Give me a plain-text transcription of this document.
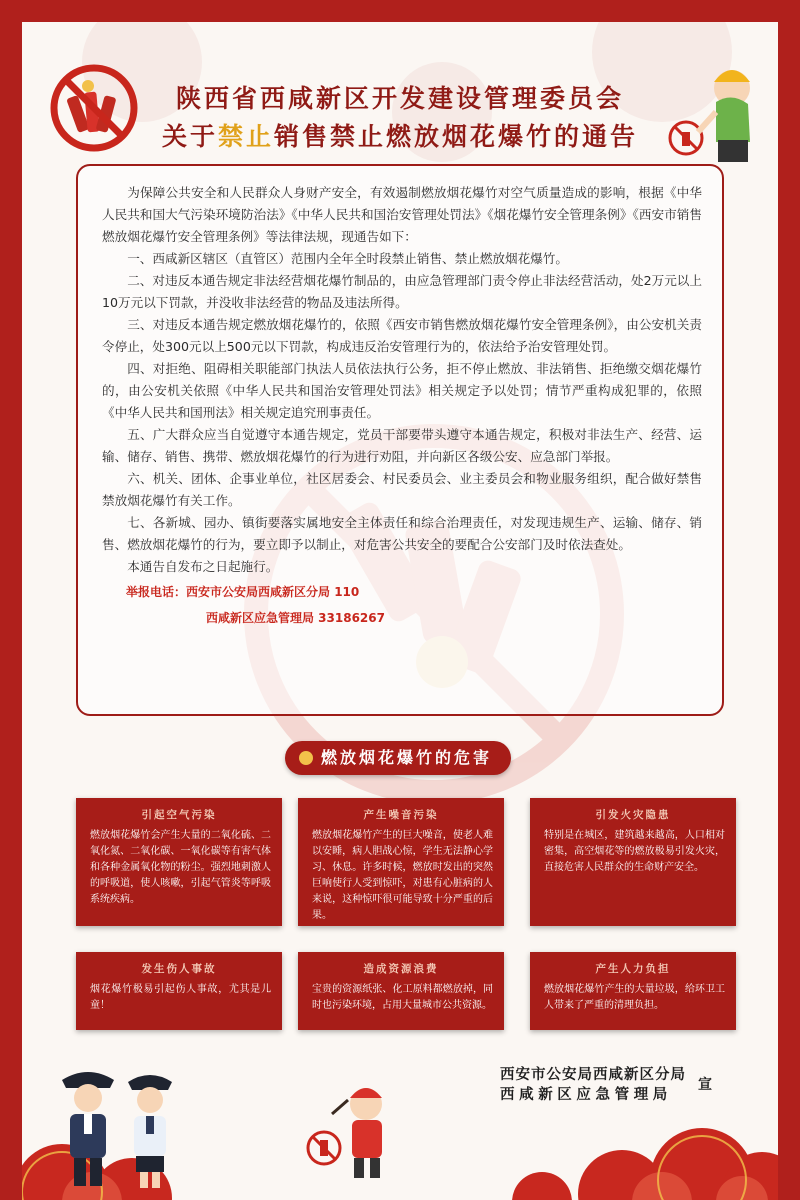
陕西省西咸新区开发建设管理委员会
关于禁止销售禁止燃放烟花爆竹的通告

为保障公共安全和人民群众人身财产安全，有效遏制燃放烟花爆竹对空气质量造成的影响，根据《中华人民共和国大气污染环境防治法》《中华人民共和国治安管理处罚法》《烟花爆竹安全管理条例》《西安市销售燃放烟花爆竹安全管理条例》等法律法规，现通告如下：

一、西咸新区辖区（直管区）范围内全年全时段禁止销售、禁止燃放烟花爆竹。

二、对违反本通告规定非法经营烟花爆竹制品的，由应急管理部门责令停止非法经营活动，处2万元以上10万元以下罚款，并没收非法经营的物品及违法所得。

三、对违反本通告规定燃放烟花爆竹的，依照《西安市销售燃放烟花爆竹安全管理条例》，由公安机关责令停止，处300元以上500元以下罚款，构成违反治安管理行为的，依法给予治安管理处罚。

四、对拒绝、阻碍相关职能部门执法人员依法执行公务，拒不停止燃放、非法销售、拒绝缴交烟花爆竹的，由公安机关依照《中华人民共和国治安管理处罚法》相关规定予以处罚；情节严重构成犯罪的，依照《中华人民共和国刑法》相关规定追究刑事责任。

五、广大群众应当自觉遵守本通告规定，党员干部要带头遵守本通告规定，积极对非法生产、经营、运输、储存、销售、携带、燃放烟花爆竹的行为进行劝阻，并向新区各级公安、应急部门举报。

六、机关、团体、企事业单位，社区居委会、村民委员会、业主委员会和物业服务组织，配合做好禁售禁放烟花爆竹有关工作。

七、各新城、园办、镇街要落实属地安全主体责任和综合治理责任，对发现违规生产、运输、储存、销售、燃放烟花爆竹的行为，要立即予以制止，对危害公共安全的要配合公安部门及时依法查处。

本通告自发布之日起施行。

举报电话：西安市公安局西咸新区分局 110
西咸新区应急管理局 33186267
燃放烟花爆竹的危害
引起空气污染

燃放烟花爆竹会产生大量的二氧化硫、二氧化氮、二氧化碳、一氧化碳等有害气体和各种金属氧化物的粉尘。强烈地刺激人的呼吸道，使人咳嗽，引起气管炎等呼吸系统疾病。

产生噪音污染

燃放烟花爆竹产生的巨大噪音，使老人难以安睡，病人胆战心惊，学生无法静心学习、休息。许多时候，燃放时发出的突然巨响使行人受到惊吓，对患有心脏病的人来说，这种惊吓很可能导致十分严重的后果。

引发火灾隐患

特别是在城区，建筑越来越高，人口相对密集，高空烟花等的燃放极易引发火灾，直接危害人民群众的生命财产安全。

发生伤人事故

烟花爆竹极易引起伤人事故，尤其是儿童！

造成资源浪费

宝贵的资源纸张、化工原料都燃放掉，同时也污染环境，占用大量城市公共资源。

产生人力负担

燃放烟花爆竹产生的大量垃圾，给环卫工人带来了严重的清理负担。

西安市公安局西咸新区分局
西咸新区应急管理局
宣
